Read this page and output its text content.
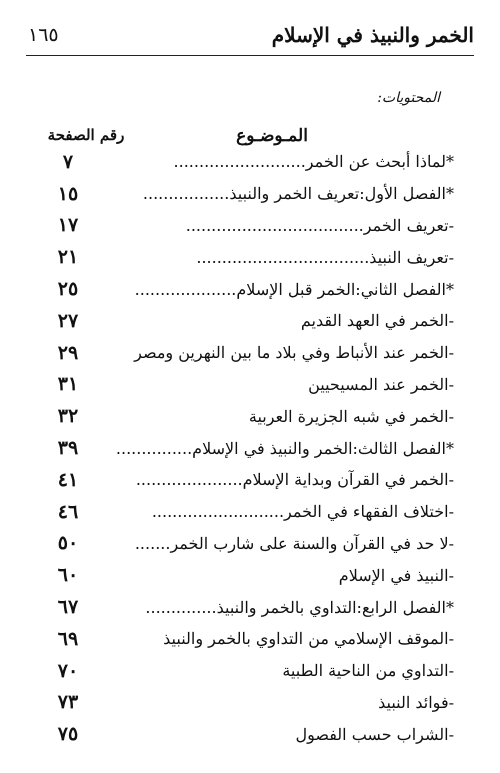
١٦٥	الخمر والنبيذ في الإسلام
المحتويات:
المـوضـوع
رقم الصفحة
٧	*لماذا أبحث عن الخمر..........................
١٥	*الفصل الأول:تعريف الخمر والنبيذ.................
١٧	-تعريف الخمر...................................
٢١	-تعريف النبيذ..................................
٢٥	*الفصل الثاني:الخمر قبل الإسلام....................
٢٧	-الخمر في العهد القديم
٢٩	-الخمر عند الأنباط وفي بلاد ما بين النهرين ومصر
٣١	-الخمر عند المسيحيين
٣٢	-الخمر في شبه الجزيرة العربية
٣٩	*الفصل الثالث:الخمر والنبيذ في الإسلام...............
٤١	-الخمر في القرآن وبداية الإسلام.....................
٤٦	-اختلاف الفقهاء في الخمر..........................
٥٠	-لا حد في القرآن والسنة على شارب الخمر.......
٦٠	-النبيذ في الإسلام
٦٧	*الفصل الرابع:التداوي بالخمر والنبيذ..............
٦٩	-الموقف الإسلامي من التداوي بالخمر والنبيذ
٧٠	-التداوي من الناحية الطبية
٧٣	-فوائد النبيذ
٧٥	-الشراب حسب الفصول
